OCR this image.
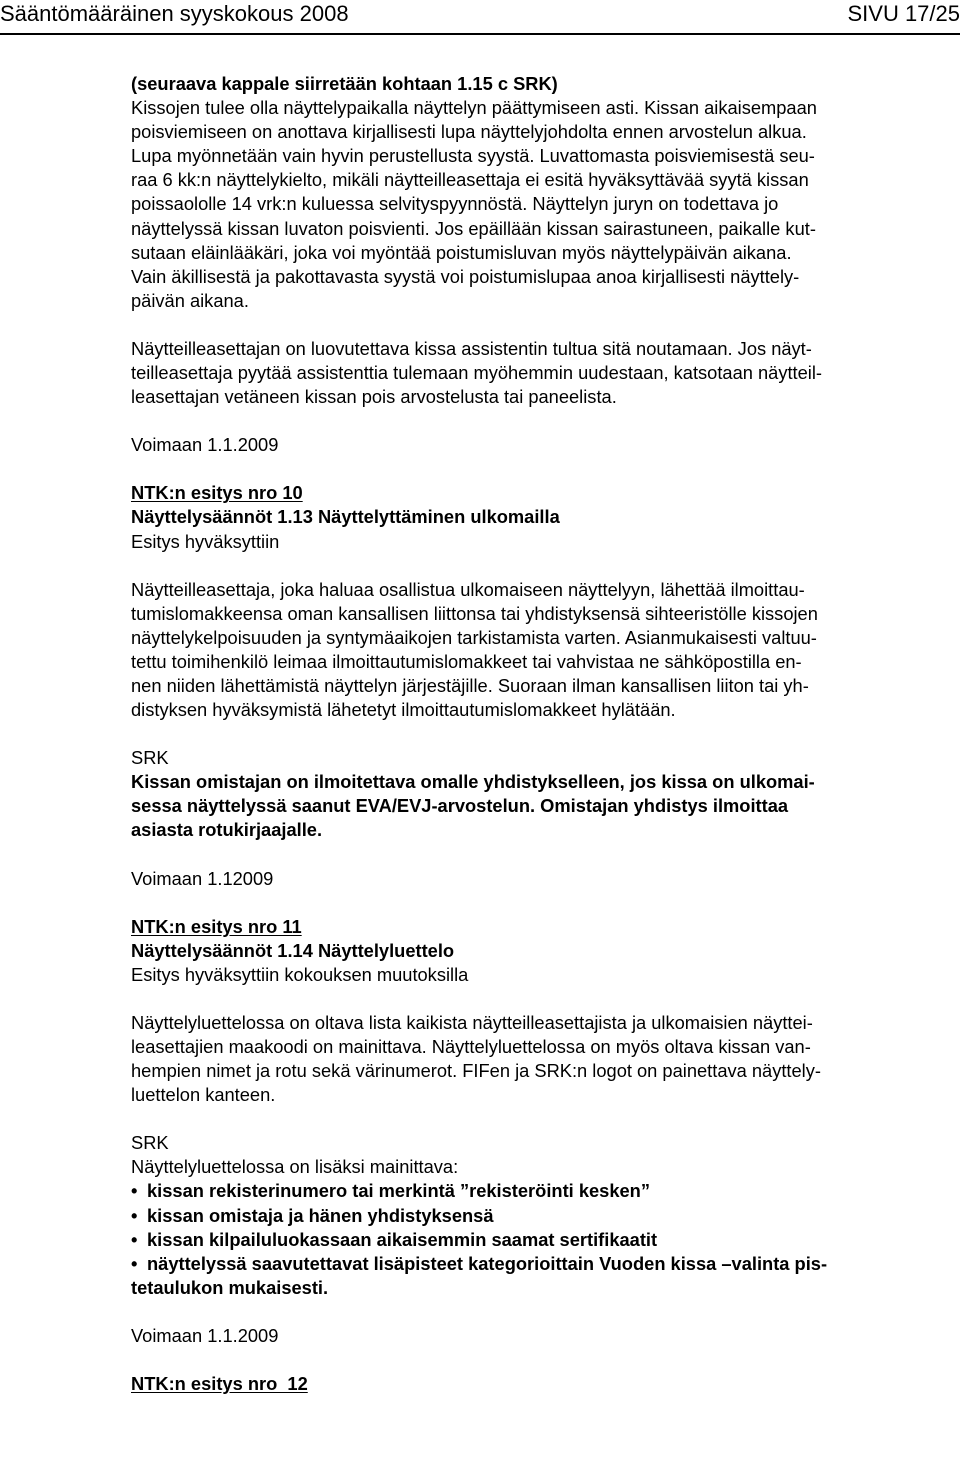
Sääntömääräinen syyskokous 2008	SIVU 17/25

(seuraava kappale siirretään kohtaan 1.15 c SRK)

Kissojen tulee olla näyttelypaikalla näyttelyn päättymiseen asti. Kissan aikaisempaan

poisviemiseen on anottava kirjallisesti lupa näyttelyjohdolta ennen arvostelun alkua.

Lupa myönnetään vain hyvin perustellusta syystä. Luvattomasta poisviemisestä seu-

raa 6 kk:n näyttelykielto, mikäli näytteilleasettaja ei esitä hyväksyttävää syytä kissan

poissaololle 14 vrk:n kuluessa selvityspyynnöstä. Näyttelyn juryn on todettava jo

näyttelyssä kissan luvaton poisvienti. Jos epäillään kissan sairastuneen, paikalle kut-

sutaan eläinlääkäri, joka voi myöntää poistumisluvan myös näyttelypäivän aikana.

Vain äkillisestä ja pakottavasta syystä voi poistumislupaa anoa kirjallisesti näyttely-

päivän aikana.

Näytteilleasettajan on luovutettava kissa assistentin tultua sitä noutamaan. Jos näyt-

teilleasettaja pyytää assistenttia tulemaan myöhemmin uudestaan, katsotaan näytteil-

leasettajan vetäneen kissan pois arvostelusta tai paneelista.

Voimaan 1.1.2009

NTK:n esitys nro 10

Näyttelysäännöt 1.13 Näyttelyttäminen ulkomailla

Esitys hyväksyttiin

Näytteilleasettaja, joka haluaa osallistua ulkomaiseen näyttelyyn, lähettää ilmoittau-

tumislomakkeensa oman kansallisen liittonsa tai yhdistyksensä sihteeristölle kissojen

näyttelykelpoisuuden ja syntymäaikojen tarkistamista varten. Asianmukaisesti valtuu-

tettu toimihenkilö leimaa ilmoittautumislomakkeet tai vahvistaa ne sähköpostilla en-

nen niiden lähettämistä näyttelyn järjestäjille. Suoraan ilman kansallisen liiton tai yh-

distyksen hyväksymistä lähetetyt ilmoittautumislomakkeet hylätään.

SRK

Kissan omistajan on ilmoitettava omalle yhdistykselleen, jos kissa on ulkomai-

sessa näyttelyssä saanut EVA/EVJ-arvostelun. Omistajan yhdistys ilmoittaa

asiasta rotukirjaajalle.

Voimaan 1.12009

NTK:n esitys nro 11

Näyttelysäännöt 1.14 Näyttelyluettelo

Esitys hyväksyttiin kokouksen muutoksilla

Näyttelyluettelossa on oltava lista kaikista näytteilleasettajista ja ulkomaisien näyttei-

leasettajien maakoodi on mainittava. Näyttelyluettelossa on myös oltava kissan van-

hempien nimet ja rotu sekä värinumerot. FIFen ja SRK:n logot on painettava näyttely-

luettelon kanteen.

SRK

Näyttelyluettelossa on lisäksi mainittava:

• kissan rekisterinumero tai merkintä ”rekisteröinti kesken”
• kissan omistaja ja hänen yhdistyksensä
• kissan kilpailuluokassaan aikaisemmin saamat sertifikaatit
• näyttelyssä saavutettavat lisäpisteet kategorioittain Vuoden kissa –valinta pis-
tetaulukon mukaisesti.

Voimaan 1.1.2009

NTK:n esitys nro  12
